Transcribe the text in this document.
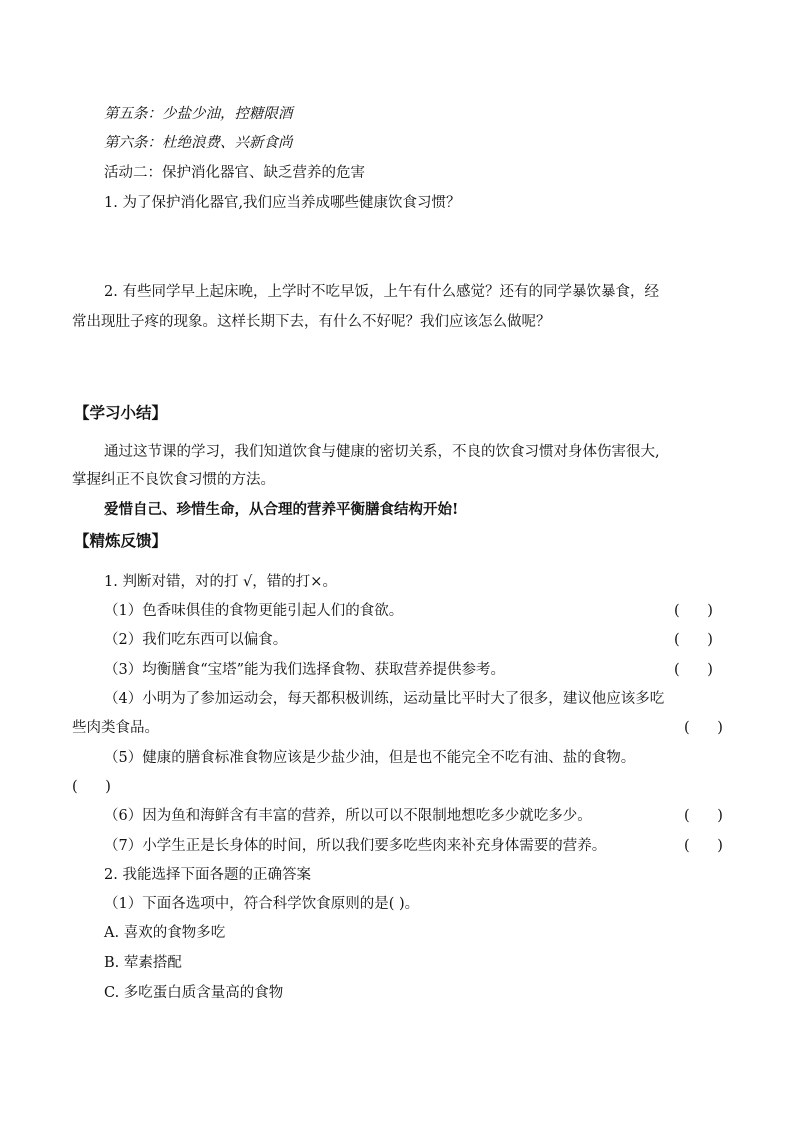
第五条：少盐少油，控糖限酒
第六条：杜绝浪费、兴新食尚
活动二：保护消化器官、缺乏营养的危害
1. 为了保护消化器官,我们应当养成哪些健康饮食习惯？
2. 有些同学早上起床晚，上学时不吃早饭，上午有什么感觉？还有的同学暴饮暴食，经
常出现肚子疼的现象。这样长期下去，有什么不好呢？我们应该怎么做呢？
【学习小结】
通过这节课的学习，我们知道饮食与健康的密切关系，不良的饮食习惯对身体伤害很大,
掌握纠正不良饮食习惯的方法。
爱惜自己、珍惜生命，从合理的营养平衡膳食结构开始!
【精炼反馈】
1. 判断对错，对的打 √，错的打×。
（1）色香味俱佳的食物更能引起人们的食欲。	(      )
（2）我们吃东西可以偏食。	(      )
（3）均衡膳食“宝塔”能为我们选择食物、获取营养提供参考。	(      )
（4）小明为了参加运动会，每天都积极训练，运动量比平时大了很多，建议他应该多吃
些肉类食品。	(      )
（5）健康的膳食标准食物应该是少盐少油，但是也不能完全不吃有油、盐的食物。
(      )
（6）因为鱼和海鲜含有丰富的营养，所以可以不限制地想吃多少就吃多少。	(      )
（7）小学生正是长身体的时间，所以我们要多吃些肉来补充身体需要的营养。	(      )
2. 我能选择下面各题的正确答案
（1）下面各选项中，符合科学饮食原则的是( )。
A. 喜欢的食物多吃
B. 荤素搭配
C. 多吃蛋白质含量高的食物
